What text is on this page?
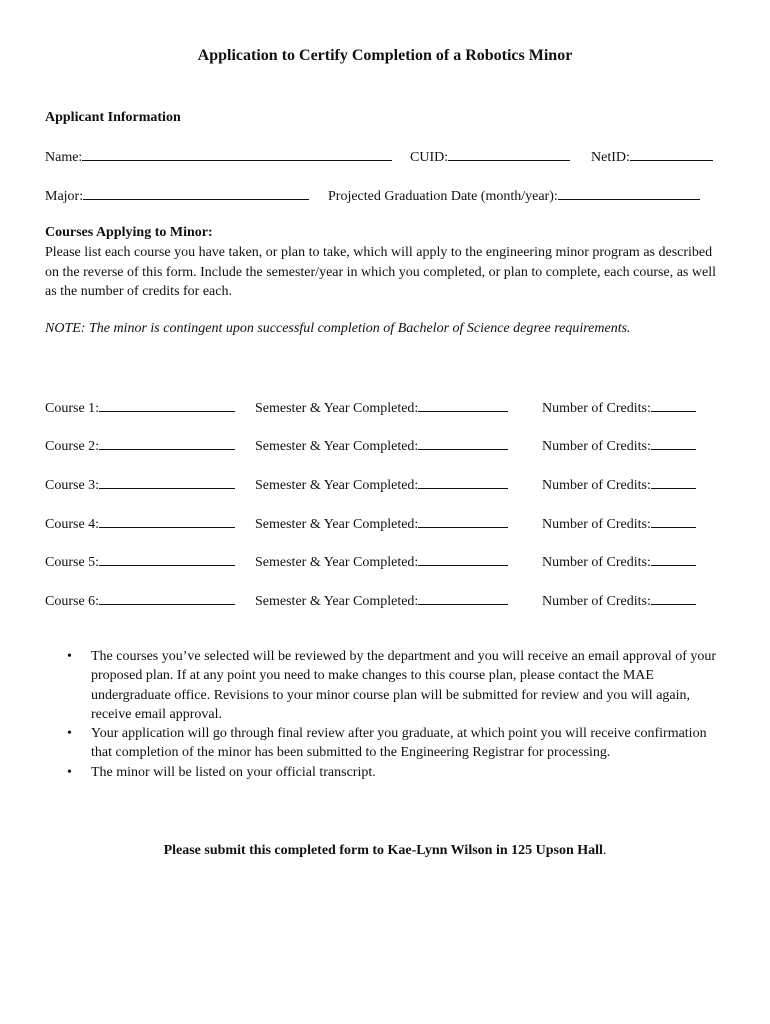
Application to Certify Completion of a Robotics Minor
Applicant Information
Name:	CUID:	NetID:
Major:	Projected Graduation Date (month/year):
Courses Applying to Minor:
Please list each course you have taken, or plan to take, which will apply to the engineering minor program as described on the reverse of this form. Include the semester/year in which you completed, or plan to complete, each course, as well as the number of credits for each.
NOTE: The minor is contingent upon successful completion of Bachelor of Science degree requirements.
Course 1:	Semester & Year Completed:	Number of Credits:
Course 2:	Semester & Year Completed:	Number of Credits:
Course 3:	Semester & Year Completed:	Number of Credits:
Course 4:	Semester & Year Completed:	Number of Credits:
Course 5:	Semester & Year Completed:	Number of Credits:
Course 6:	Semester & Year Completed:	Number of Credits:
• The courses you’ve selected will be reviewed by the department and you will receive an email approval of your proposed plan. If at any point you need to make changes to this course plan, please contact the MAE undergraduate office. Revisions to your minor course plan will be submitted for review and you will again, receive email approval.
• Your application will go through final review after you graduate, at which point you will receive confirmation that completion of the minor has been submitted to the Engineering Registrar for processing.
• The minor will be listed on your official transcript.
Please submit this completed form to Kae-Lynn Wilson in 125 Upson Hall.
